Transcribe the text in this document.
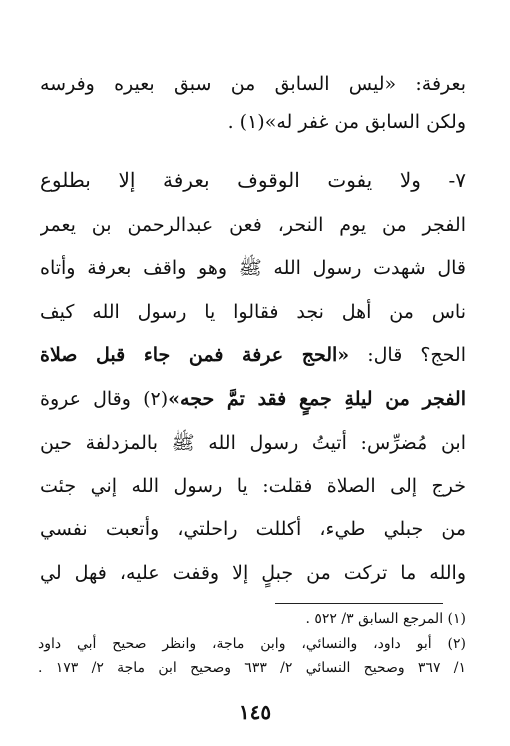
بعرفة: «ليس السابق من سبق بعيره وفرسه
ولكن السابق من غفر له»(١) .
٧- ولا يفوت الوقوف بعرفة إلا بطلوع
الفجر من يوم النحر، فعن عبدالرحمن بن يعمر
قال شهدت رسول الله ﷺ وهو واقف بعرفة وأتاه
ناس من أهل نجد فقالوا يا رسول الله كيف
الحج؟ قال: «الحج عرفة فمن جاء قبل صلاة
الفجر من ليلةِ جمعٍ فقد تمَّ حجه»(٢) وقال عروة
ابن مُضرِّس: أتيتُ رسول الله ﷺ بالمزدلفة حين
خرج إلى الصلاة فقلت: يا رسول الله إني جئت
من جبلي طيء، أكللت راحلتي، وأتعبت نفسي
والله ما تركت من جبلٍ إلا وقفت عليه، فهل لي
(١) المرجع السابق ٣/ ٥٢٢ .
(٢) أبو داود، والنسائي، وابن ماجة، وانظر صحيح أبي داود
١/ ٣٦٧ وصحيح النسائي ٢/ ٦٣٣ وصحيح ابن ماجة ٢/ ١٧٣ .
١٤٥
